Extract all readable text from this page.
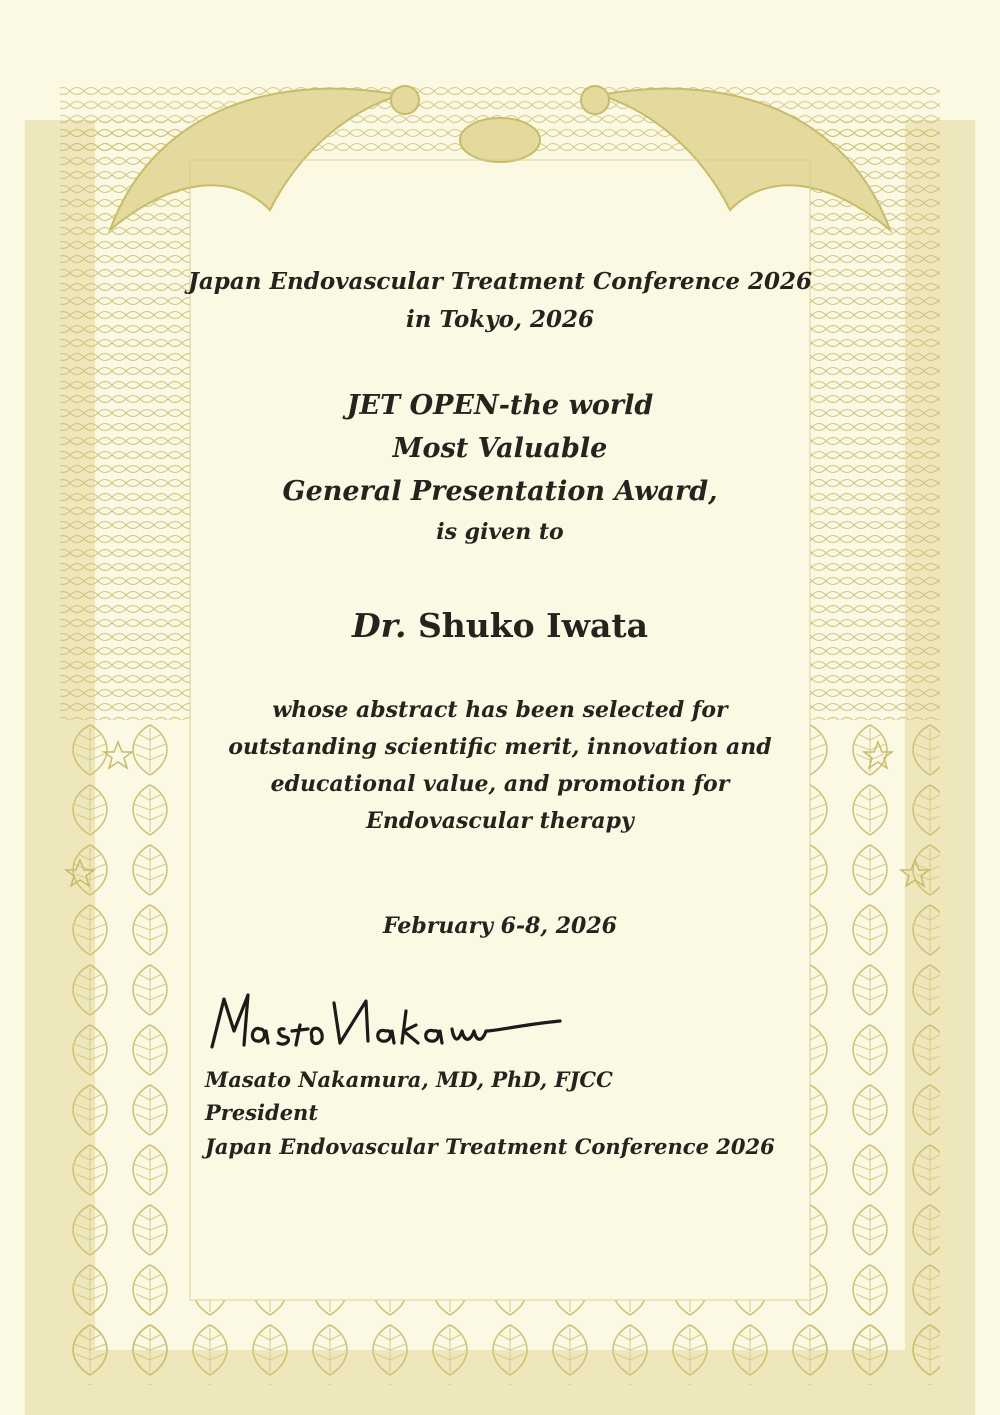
Japan Endovascular Treatment Conference 2026
in Tokyo, 2026
JET OPEN-the world
Most Valuable
General Presentation Award,
is given to
Dr. Shuko Iwata
whose abstract has been selected for
outstanding scientific merit, innovation and
educational value, and promotion for
Endovascular therapy
February 6-8, 2026
Masato Nakamura, MD, PhD, FJCC
President
Japan Endovascular Treatment Conference 2026
